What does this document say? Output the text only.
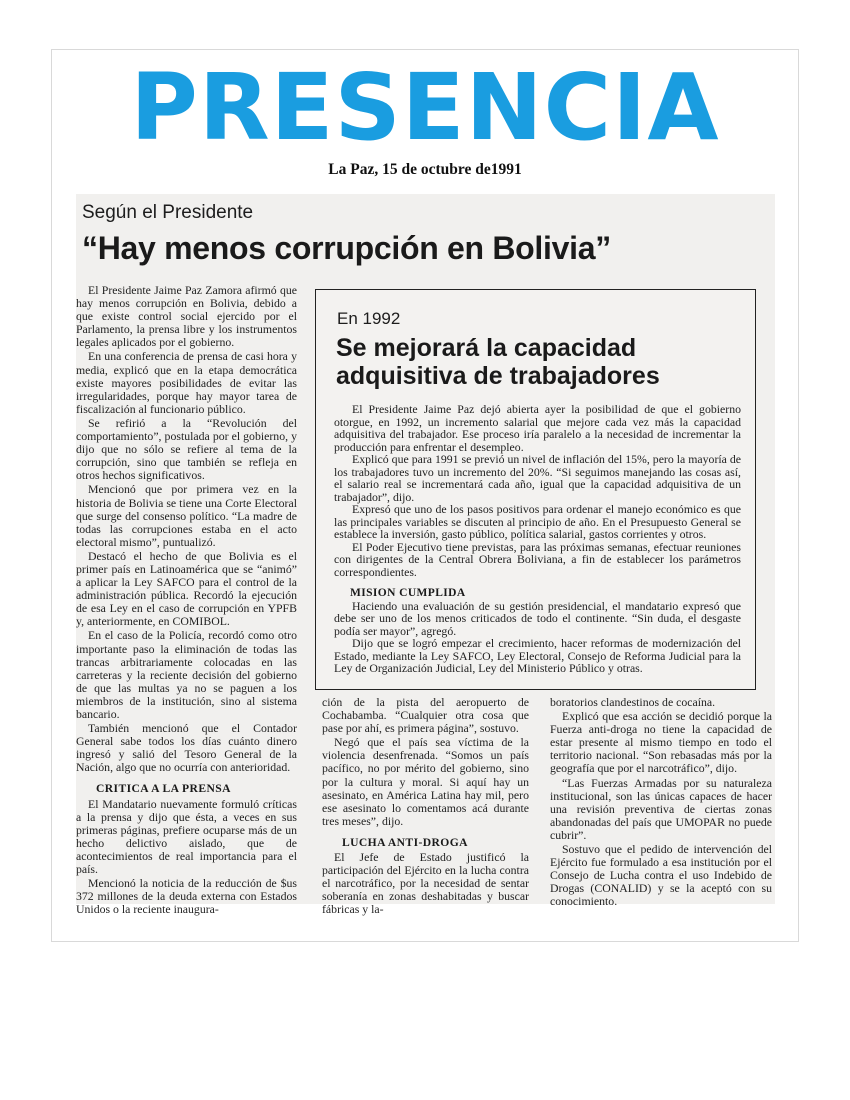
PRESENCIA
La Paz, 15 de octubre de1991
Según el Presidente
“Hay menos corrupción en Bolivia”

El Presidente Jaime Paz Zamora afirmó que hay menos corrupción en Bolivia, debido a que existe control social ejercido por el Parlamento, la prensa libre y los instrumentos legales aplicados por el gobierno.

En una conferencia de prensa de casi hora y media, explicó que en la etapa democrática existe mayores posibilidades de evitar las irregularidades, porque hay mayor tarea de fiscalización al funcionario público.

Se refirió a la “Revolución del comportamiento”, postulada por el gobierno, y dijo que no sólo se refiere al tema de la corrupción, sino que también se refleja en otros hechos significativos.

Mencionó que por primera vez en la historia de Bolivia se tiene una Corte Electoral que surge del consenso político. “La madre de todas las corrupciones estaba en el acto electoral mismo”, puntualizó.

Destacó el hecho de que Bolivia es el primer país en Latinoamérica que se “animó” a aplicar la Ley SAFCO para el control de la administración pública. Recordó la ejecución de esa Ley en el caso de corrupción en YPFB y, anteriormente, en COMIBOL.

En el caso de la Policía, recordó como otro importante paso la eliminación de todas las trancas arbitrariamente colocadas en las carreteras y la reciente decisión del gobierno de que las multas ya no se paguen a los miembros de la institución, sino al sistema bancario.

También mencionó que el Contador General sabe todos los días cuánto dinero ingresó y salió del Tesoro General de la Nación, algo que no ocurría con anterioridad.

CRITICA A LA PRENSA

El Mandatario nuevamente formuló críticas a la prensa y dijo que ésta, a veces en sus primeras páginas, prefiere ocuparse más de un hecho delictivo aislado, que de acontecimientos de real importancia para el país.

Mencionó la noticia de la reducción de $us 372 millones de la deuda externa con Estados Unidos o la reciente inaugura-

En 1992
Se mejorará la capacidad adquisitiva de trabajadores

El Presidente Jaime Paz dejó abierta ayer la posibilidad de que el gobierno otorgue, en 1992, un incremento salarial que mejore cada vez más la capacidad adquisitiva del trabajador. Ese proceso iría paralelo a la necesidad de incrementar la producción para enfrentar el desempleo.

Explicó que para 1991 se previó un nivel de inflación del 15%, pero la mayoría de los trabajadores tuvo un incremento del 20%. “Si seguimos manejando las cosas así, el salario real se incrementará cada año, igual que la capacidad adquisitiva de un trabajador”, dijo.

Expresó que uno de los pasos positivos para ordenar el manejo económico es que las principales variables se discuten al principio de año. En el Presupuesto General se establece la inversión, gasto público, política salarial, gastos corrientes y otros.

El Poder Ejecutivo tiene previstas, para las próximas semanas, efectuar reuniones con dirigentes de la Central Obrera Boliviana, a fin de establecer los parámetros correspondientes.

MISION CUMPLIDA

Haciendo una evaluación de su gestión presidencial, el mandatario expresó que debe ser uno de los menos criticados de todo el continente. “Sin duda, el desgaste podía ser mayor”, agregó.

Dijo que se logró empezar el crecimiento, hacer reformas de modernización del Estado, mediante la Ley SAFCO, Ley Electoral, Consejo de Reforma Judicial para la Ley de Organización Judicial, Ley del Ministerio Público y otras.

ción de la pista del aeropuerto de Cochabamba. “Cualquier otra cosa que pase por ahí, es primera página”, sostuvo.

Negó que el país sea víctima de la violencia desenfrenada. “Somos un país pacífico, no por mérito del gobierno, sino por la cultura y moral. Si aquí hay un asesinato, en América Latina hay mil, pero ese asesinato lo comentamos acá durante tres meses”, dijo.

LUCHA ANTI-DROGA

El Jefe de Estado justificó la participación del Ejército en la lucha contra el narcotráfico, por la necesidad de sentar soberanía en zonas deshabitadas y buscar fábricas y la-

boratorios clandestinos de cocaína.

Explicó que esa acción se decidió porque la Fuerza anti-droga no tiene la capacidad de estar presente al mismo tiempo en todo el territorio nacional. “Son rebasadas más por la geografía que por el narcotráfico”, dijo.

“Las Fuerzas Armadas por su naturaleza institucional, son las únicas capaces de hacer una revisión preventiva de ciertas zonas abandonadas del país que UMOPAR no puede cubrir”.

Sostuvo que el pedido de intervención del Ejército fue formulado a esa institución por el Consejo de Lucha contra el uso Indebido de Drogas (CONALID) y se la aceptó con su conocimiento.
